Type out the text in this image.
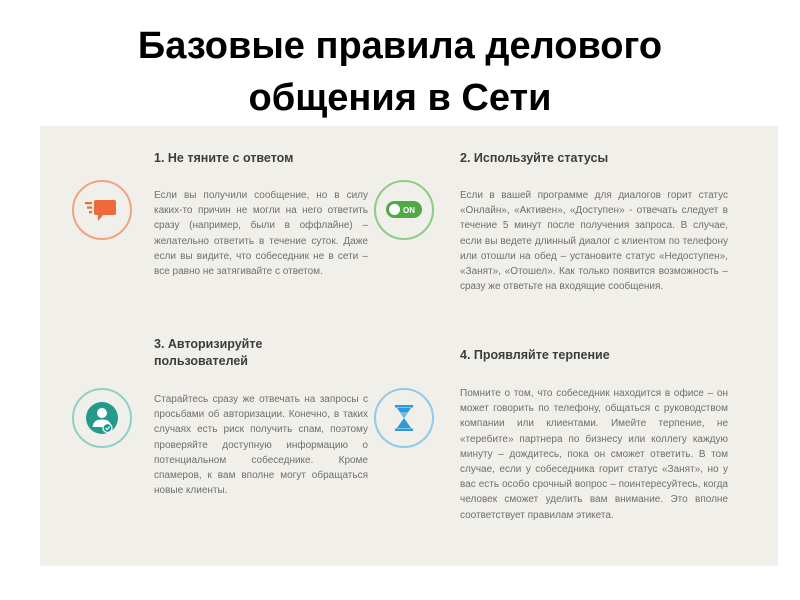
Базовые правила делового
общения в Сети
1. Не тяните с ответом

Если вы получили сообщение, но в силу каких-то причин не могли на него ответить сразу (например, были в оффлайне) – желательно ответить в течение суток. Даже если вы видите, что собеседник не в сети – все равно не затягивайте с ответом.

ON
2. Используйте статусы

Если в вашей программе для диалогов горит статус «Онлайн», «Активен», «Доступен» - отвечать следует в течение 5 минут после получения запроса. В случае, если вы ведете длинный диалог с клиентом по телефону или отошли на обед – установите статус «Недоступен», «Занят», «Отошел». Как только появится возможность – сразу же ответьте на входящие сообщения.

3. Авторизируйте пользователей

Старайтесь сразу же отвечать на запросы с просьбами об авторизации. Конечно, в таких случаях есть риск получить спам, поэтому проверяйте доступную информацию о потенциальном собеседнике. Кроме спамеров, к вам вполне могут обращаться новые клиенты.

4. Проявляйте терпение

Помните о том, что собеседник находится в офисе – он может говорить по телефону, общаться с руководством компании или клиентами. Имейте терпение, не «теребите» партнера по бизнесу или коллегу каждую минуту – дождитесь, пока он сможет ответить. В том случае, если у собеседника горит статус «Занят», но у вас есть особо срочный вопрос – поинтересуйтесь, когда человек сможет уделить вам внимание. Это вполне соответствует правилам этикета.
